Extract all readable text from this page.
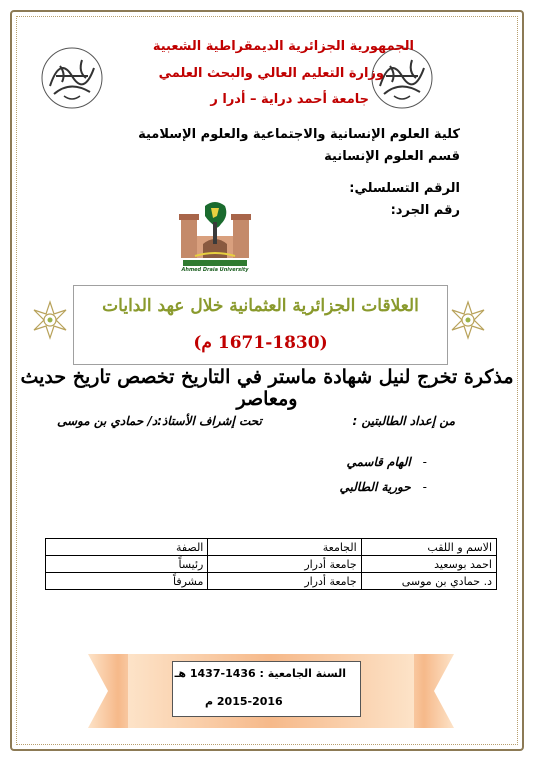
الجمهورية الجزائرية الديمقراطية الشعبية
وزارة التعليم العالي والبحث العلمي
جامعة أحمد دراية – أدرا ر
كلية العلوم الإنسانية والاجتماعية والعلوم الإسلامية
قسم العلوم الإنسانية
الرقم التسلسلي:
رقم الجرد:
Ahmed Draia University
العلاقات الجزائرية العثمانية خلال عهد الدايات
(1671-1830 م)
مذكرة تخرج لنيل شهادة ماستر في التاريخ تخصص تاريخ حديث ومعاصر
من إعداد الطالبتين :
تحت إشراف الأستاذ:د/ حمادي بن موسى
-الهام قاسمي
-حورية الطالبي
الاسم و اللقب	الجامعة	الصفة
احمد بوسعيد	جامعة أدرار	رئيساً
د. حمادي بن موسى	جامعة أدرار	مشرفاً
السنة الجامعية : 1436-1437 هـ
2015-2016 م
